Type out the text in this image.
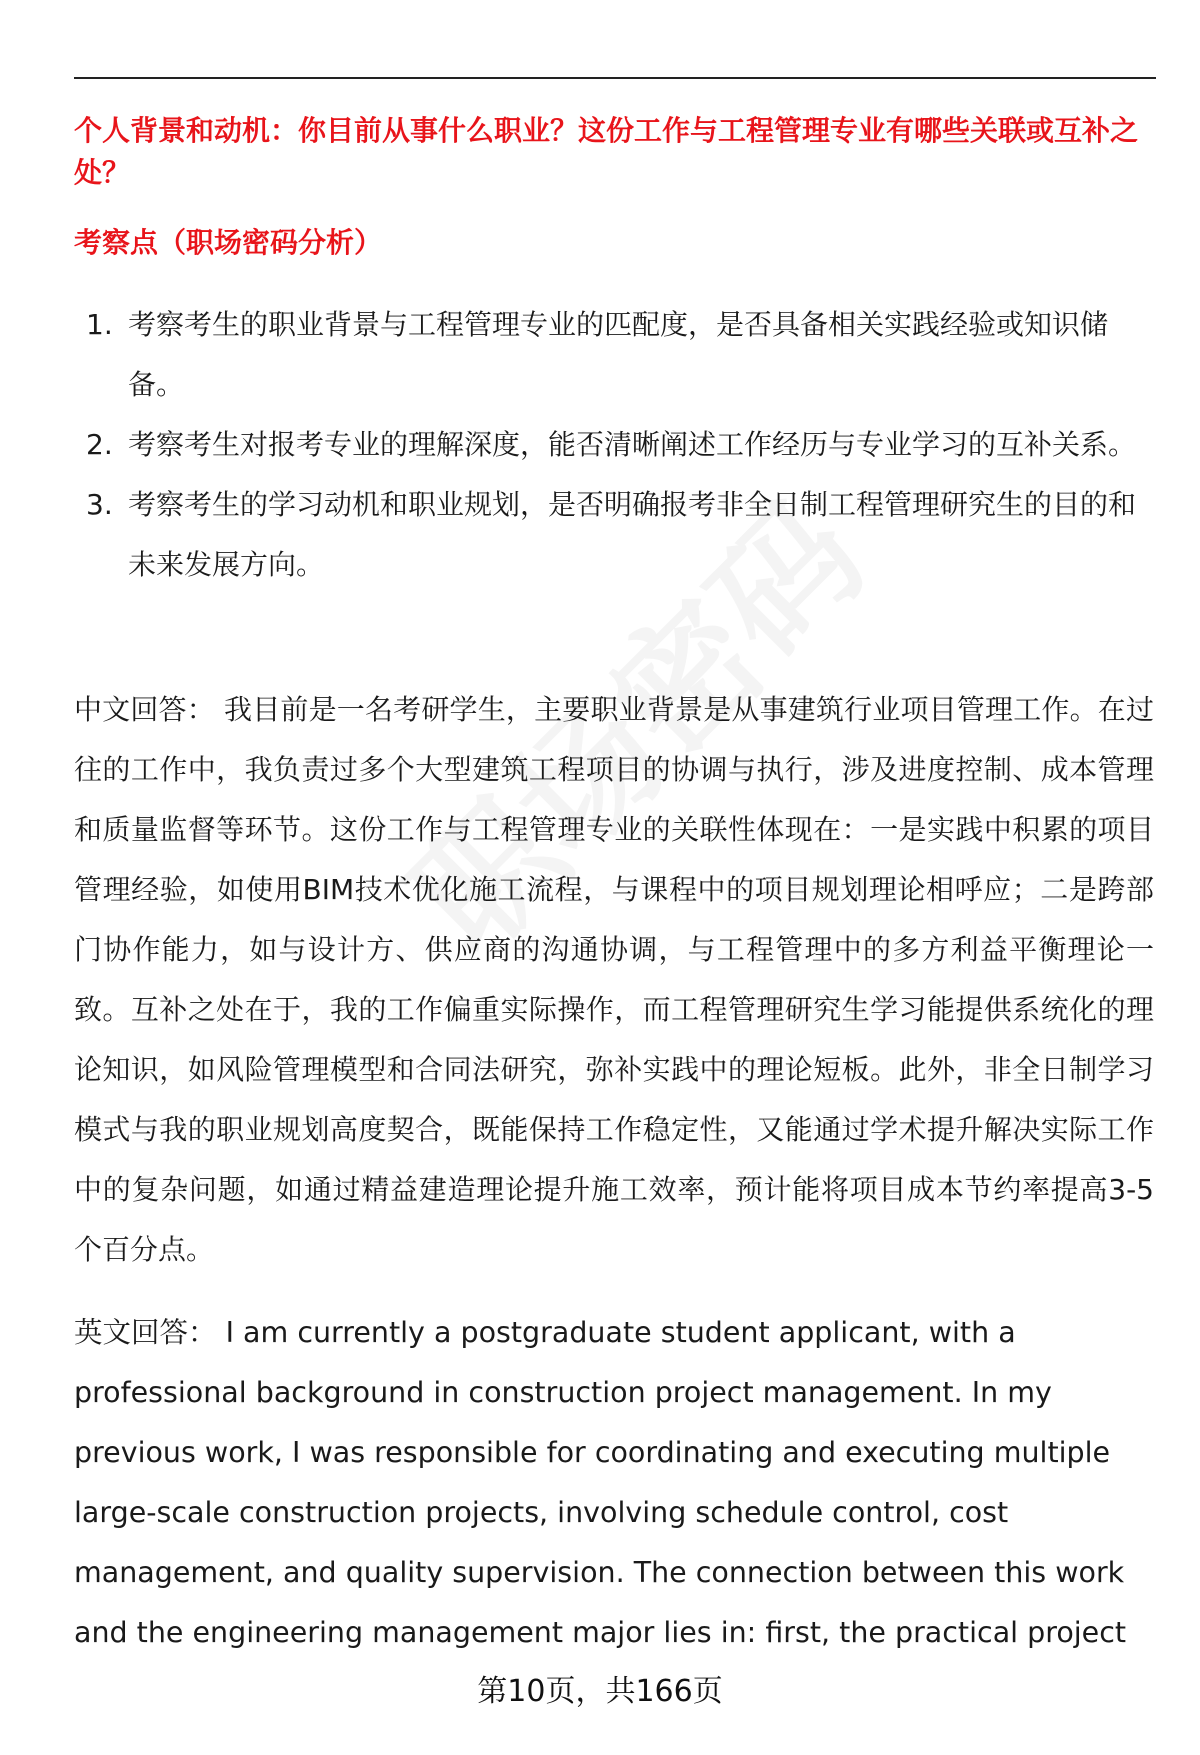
个人背景和动机：你目前从事什么职业？这份工作与工程管理专业有哪些关联或互补之处？
考察点（职场密码分析）
1. 考察考生的职业背景与工程管理专业的匹配度，是否具备相关实践经验或知识储备。
2. 考察考生对报考专业的理解深度，能否清晰阐述工作经历与专业学习的互补关系。
3. 考察考生的学习动机和职业规划，是否明确报考非全日制工程管理研究生的目的和未来发展方向。
中文回答： 我目前是一名考研学生，主要职业背景是从事建筑行业项目管理工作。在过往的工作中，我负责过多个大型建筑工程项目的协调与执行，涉及进度控制、成本管理和质量监督等环节。这份工作与工程管理专业的关联性体现在：一是实践中积累的项目管理经验，如使用BIM技术优化施工流程，与课程中的项目规划理论相呼应；二是跨部门协作能力，如与设计方、供应商的沟通协调，与工程管理中的多方利益平衡理论一致。互补之处在于，我的工作偏重实际操作，而工程管理研究生学习能提供系统化的理论知识，如风险管理模型和合同法研究，弥补实践中的理论短板。此外，非全日制学习模式与我的职业规划高度契合，既能保持工作稳定性，又能通过学术提升解决实际工作中的复杂问题，如通过精益建造理论提升施工效率，预计能将项目成本节约率提高3-5个百分点。
英文回答： I am currently a postgraduate student applicant, with a professional background in construction project management. In my previous work, I was responsible for coordinating and executing multiple large-scale construction projects, involving schedule control, cost management, and quality supervision. The connection between this work and the engineering management major lies in: first, the practical project
第10页，共166页
